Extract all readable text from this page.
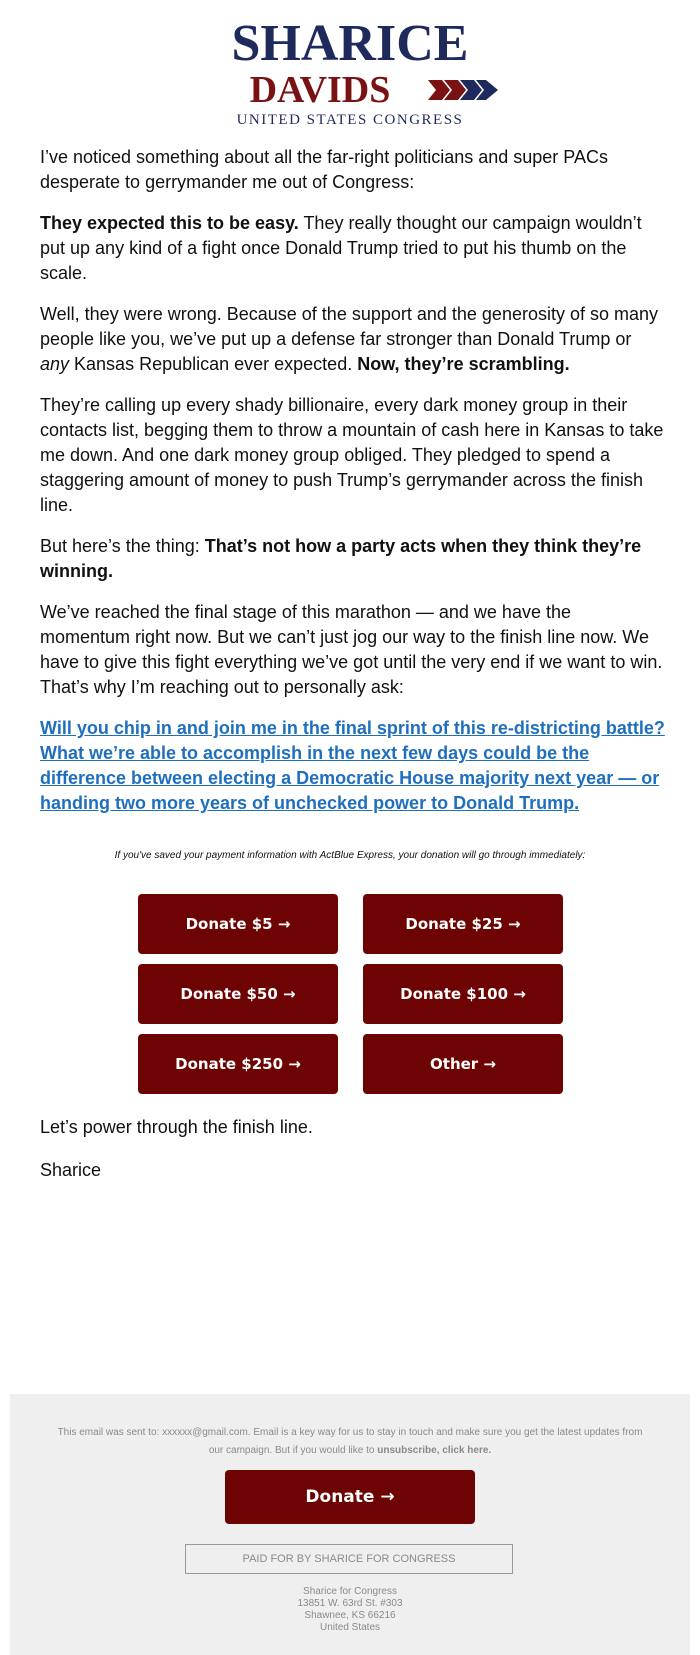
SHARICE
DAVIDS
UNITED STATES CONGRESS

I’ve noticed something about all the far-right politicians and super PACs desperate to gerrymander me out of Congress:

They expected this to be easy. They really thought our campaign wouldn’t put up any kind of a fight once Donald Trump tried to put his thumb on the scale.

Well, they were wrong. Because of the support and the generosity of so many people like you, we’ve put up a defense far stronger than Donald Trump or any Kansas Republican ever expected. Now, they’re scrambling.

They’re calling up every shady billionaire, every dark money group in their contacts list, begging them to throw a mountain of cash here in Kansas to take me down. And one dark money group obliged. They pledged to spend a staggering amount of money to push Trump’s gerrymander across the finish line.

But here’s the thing: That’s not how a party acts when they think they’re winning.

We’ve reached the final stage of this marathon — and we have the momentum right now. But we can’t just jog our way to the finish line now. We have to give this fight everything we’ve got until the very end if we want to win. That’s why I’m reaching out to personally ask:

Will you chip in and join me in the final sprint of this re-districting battle? What we’re able to accomplish in the next few days could be the difference between electing a Democratic House majority next year — or handing two more years of unchecked power to Donald Trump.

If you've saved your payment information with ActBlue Express, your donation will go through immediately:
Donate $5 →	Donate $25 →
Donate $50 →	Donate $100 →
Donate $250 →	Other →

Let’s power through the finish line.

Sharice

This email was sent to: xxxxxx@gmail.com. Email is a key way for us to stay in touch and make sure you get the latest updates from our campaign. But if you would like to unsubscribe, click here.
Donate →
PAID FOR BY SHARICE FOR CONGRESS
Sharice for Congress
13851 W. 63rd St. #303
Shawnee, KS 66216
United States
